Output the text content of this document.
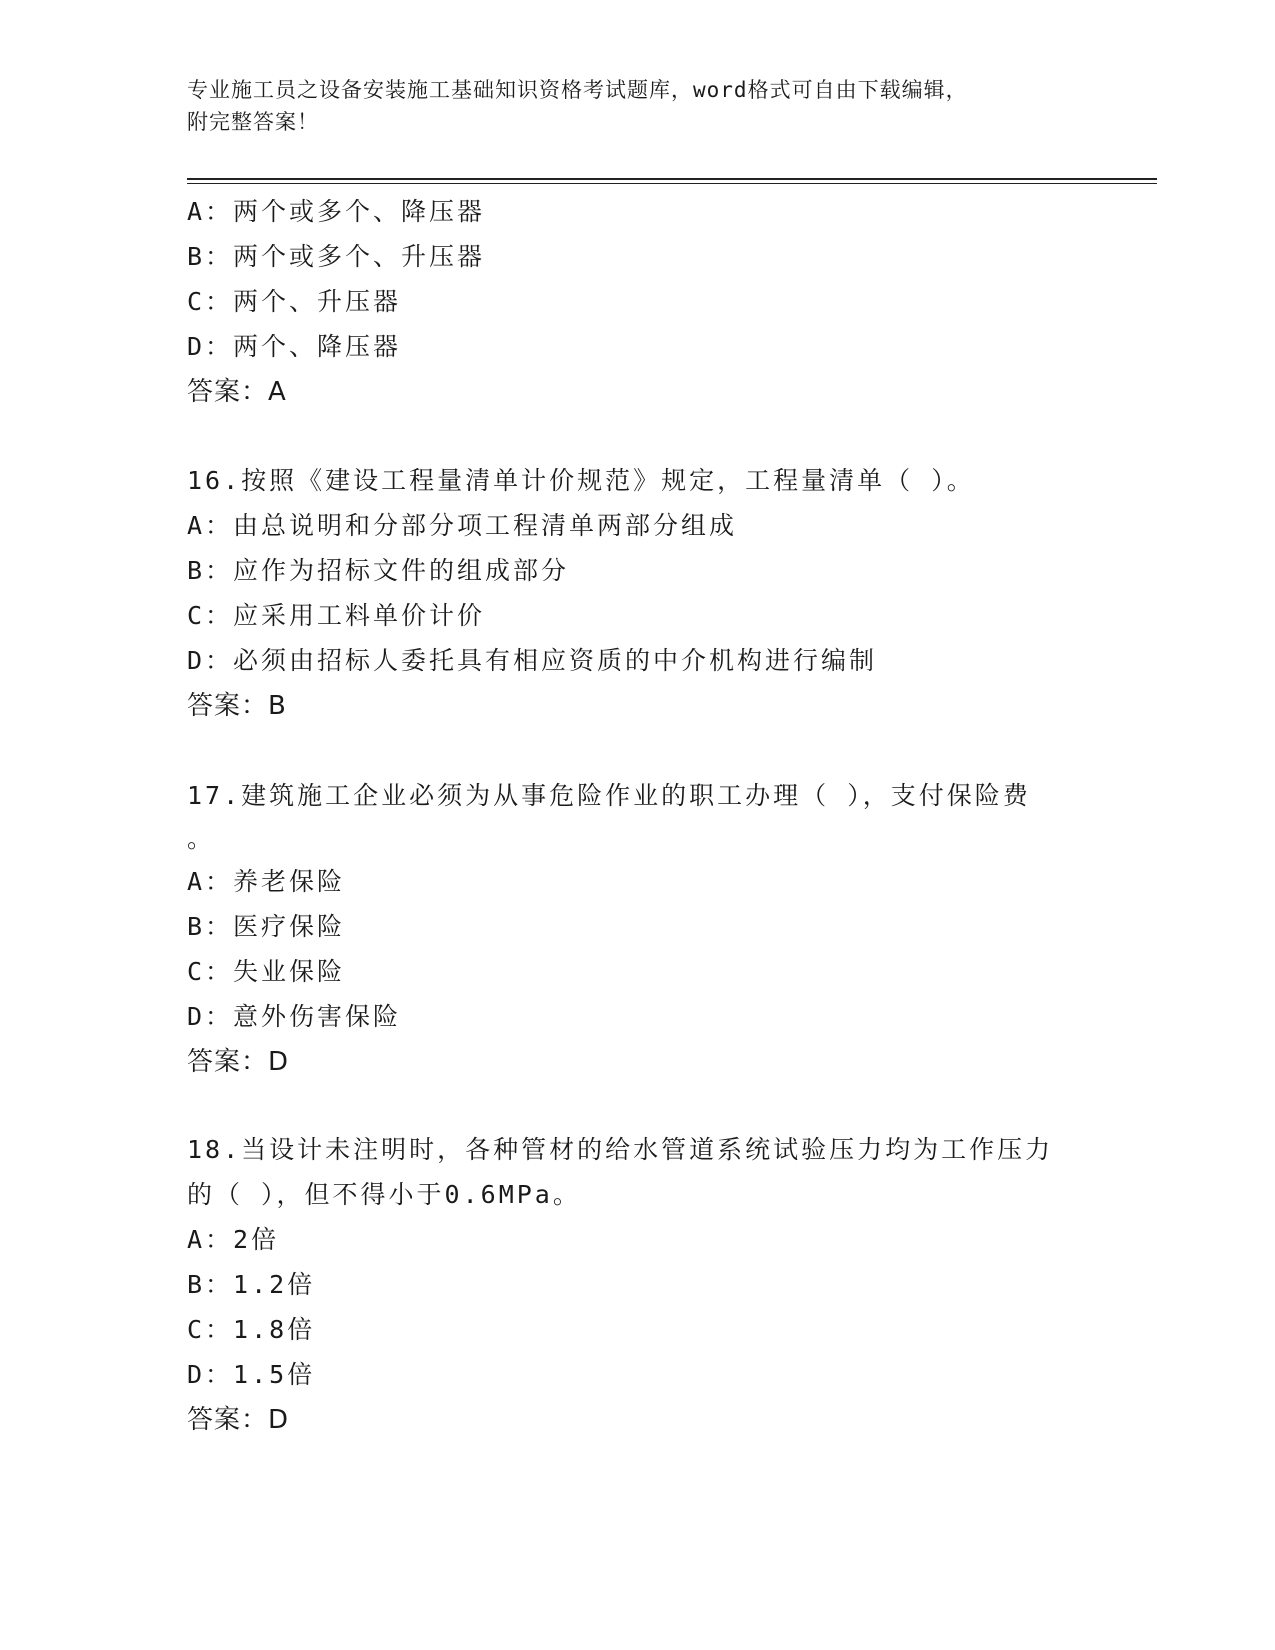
专业施工员之设备安装施工基础知识资格考试题库，word格式可自由下载编辑，
附完整答案！
A：两个或多个、降压器
B：两个或多个、升压器
C：两个、升压器
D：两个、降压器
答案：A
16.按照《建设工程量清单计价规范》规定，工程量清单（ ）。
A：由总说明和分部分项工程清单两部分组成
B：应作为招标文件的组成部分
C：应采用工料单价计价
D：必须由招标人委托具有相应资质的中介机构进行编制
答案：B
17.建筑施工企业必须为从事危险作业的职工办理（ ），支付保险费
。
A：养老保险
B：医疗保险
C：失业保险
D：意外伤害保险
答案：D
18.当设计未注明时，各种管材的给水管道系统试验压力均为工作压力
的（ ），但不得小于0.6MPa。
A：2倍
B：1.2倍
C：1.8倍
D：1.5倍
答案：D
